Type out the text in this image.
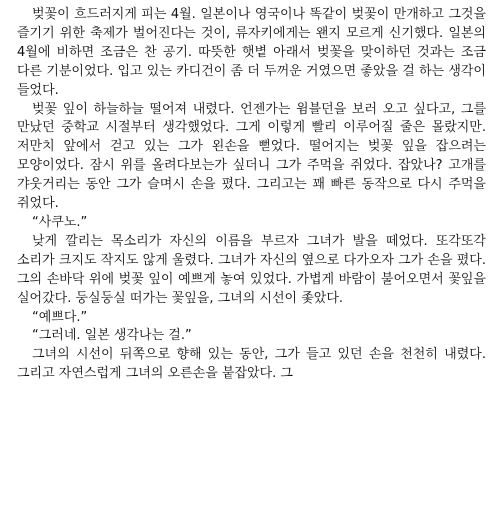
벚꽃이 흐드러지게 피는 4월. 일본이나 영국이나 똑같이 벚꽃이 만개하고 그것을 즐기기 위한 축제가 벌어진다는 것이, 류자키에게는 왠지 모르게 신기했다. 일본의 4월에 비하면 조금은 찬 공기. 따뜻한 햇볕 아래서 벚꽃을 맞이하던 것과는 조금 다른 기분이었다. 입고 있는 카디건이 좀 더 두꺼운 거였으면 좋았을 걸 하는 생각이 들었다.

벚꽃 잎이 하늘하늘 떨어져 내렸다. 언젠가는 윔블던을 보러 오고 싶다고, 그를 만났던 중학교 시절부터 생각했었다. 그게 이렇게 빨리 이루어질 줄은 몰랐지만. 저만치 앞에서 걷고 있는 그가 왼손을 뻗었다. 떨어지는 벚꽃 잎을 잡으려는 모양이었다. 잠시 위를 올려다보는가 싶더니 그가 주먹을 쥐었다. 잡았나? 고개를 갸웃거리는 동안 그가 슬며시 손을 폈다. 그리고는 꽤 빠른 동작으로 다시 주먹을 쥐었다.

“사쿠노.”

낮게 깔리는 목소리가 자신의 이름을 부르자 그녀가 발을 떼었다. 또각또각 소리가 크지도 작지도 않게 울렸다. 그녀가 자신의 옆으로 다가오자 그가 손을 폈다. 그의 손바닥 위에 벚꽃 잎이 예쁘게 놓여 있었다. 가볍게 바람이 불어오면서 꽃잎을 실어갔다. 둥실둥실 떠가는 꽃잎을, 그녀의 시선이 좇았다.

“예쁘다.”

“그러네. 일본 생각나는 걸.”

그녀의 시선이 뒤쪽으로 향해 있는 동안, 그가 들고 있던 손을 천천히 내렸다. 그리고 자연스럽게 그녀의 오른손을 붙잡았다. 그
